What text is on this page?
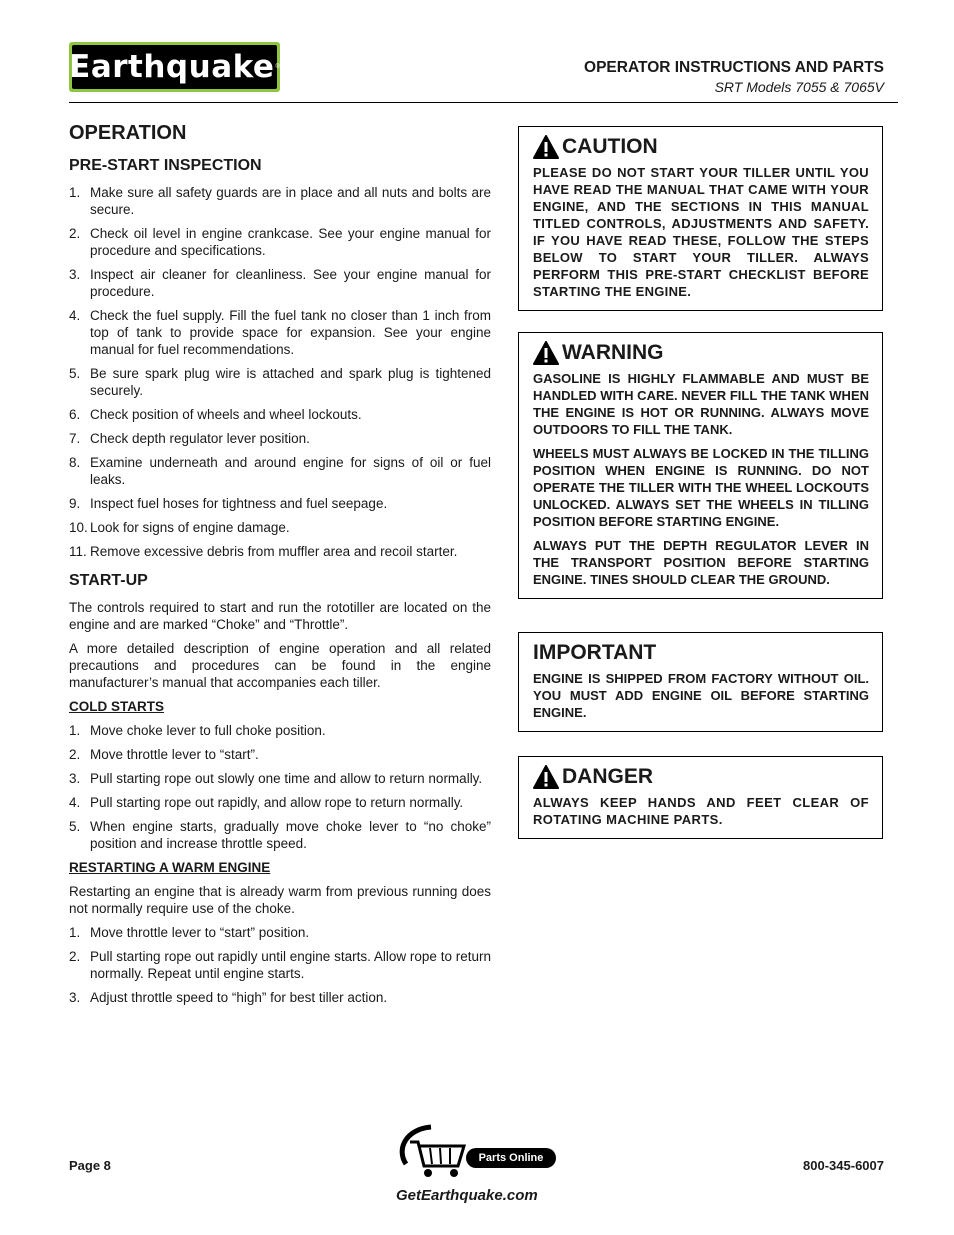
Earthquake ®	OPERATOR INSTRUCTIONS AND PARTS
SRT Models 7055 & 7065V
OPERATION
PRE-START INSPECTION
1. Make sure all safety guards are in place and all nuts and bolts are secure.
2. Check oil level in engine crankcase. See your engine manual for procedure and specifications.
3. Inspect air cleaner for cleanliness. See your engine manual for procedure.
4. Check the fuel supply. Fill the fuel tank no closer than 1 inch from top of tank to provide space for expansion. See your engine manual for fuel recommendations.
5. Be sure spark plug wire is attached and spark plug is tightened securely.
6. Check position of wheels and wheel lockouts.
7. Check depth regulator lever position.
8. Examine underneath and around engine for signs of oil or fuel leaks.
9. Inspect fuel hoses for tightness and fuel seepage.
10. Look for signs of engine damage.
11. Remove excessive debris from muffler area and recoil starter.
START-UP

The controls required to start and run the rototiller are located on the engine and are marked “Choke” and “Throttle”.

A more detailed description of engine operation and all related precautions and procedures can be found in the engine manufacturer’s manual that accompanies each tiller.

COLD STARTS
1. Move choke lever to full choke position.
2. Move throttle lever to “start”.
3. Pull starting rope out slowly one time and allow to return normally.
4. Pull starting rope out rapidly, and allow rope to return normally.
5. When engine starts, gradually move choke lever to “no choke” position and increase throttle speed.
RESTARTING A WARM ENGINE

Restarting an engine that is already warm from previous running does not normally require use of the choke.

1. Move throttle lever to “start” position.
2. Pull starting rope out rapidly until engine starts. Allow rope to return normally. Repeat until engine starts.
3. Adjust throttle speed to “high” for best tiller action.
CAUTION

PLEASE DO NOT START YOUR TILLER UNTIL YOU HAVE READ THE MANUAL THAT CAME WITH YOUR ENGINE, AND THE SECTIONS IN THIS MANUAL TITLED CONTROLS, ADJUSTMENTS AND SAFETY. IF YOU HAVE READ THESE, FOLLOW THE STEPS BELOW TO START YOUR TILLER. ALWAYS PERFORM THIS PRE-START CHECKLIST BEFORE STARTING THE ENGINE.

WARNING

GASOLINE IS HIGHLY FLAMMABLE AND MUST BE HANDLED WITH CARE. NEVER FILL THE TANK WHEN THE ENGINE IS HOT OR RUNNING. ALWAYS MOVE OUTDOORS TO FILL THE TANK.

WHEELS MUST ALWAYS BE LOCKED IN THE TILLING POSITION WHEN ENGINE IS RUNNING. DO NOT OPERATE THE TILLER WITH THE WHEEL LOCKOUTS UNLOCKED. ALWAYS SET THE WHEELS IN TILLING POSITION BEFORE STARTING ENGINE.

ALWAYS PUT THE DEPTH REGULATOR LEVER IN THE TRANSPORT POSITION BEFORE STARTING ENGINE. TINES SHOULD CLEAR THE GROUND.

IMPORTANT

ENGINE IS SHIPPED FROM FACTORY WITHOUT OIL. YOU MUST ADD ENGINE OIL BEFORE STARTING ENGINE.

DANGER

ALWAYS KEEP HANDS AND FEET CLEAR OF ROTATING MACHINE PARTS.

Page 8	800-345-6007
Parts Online
GetEarthquake.com
